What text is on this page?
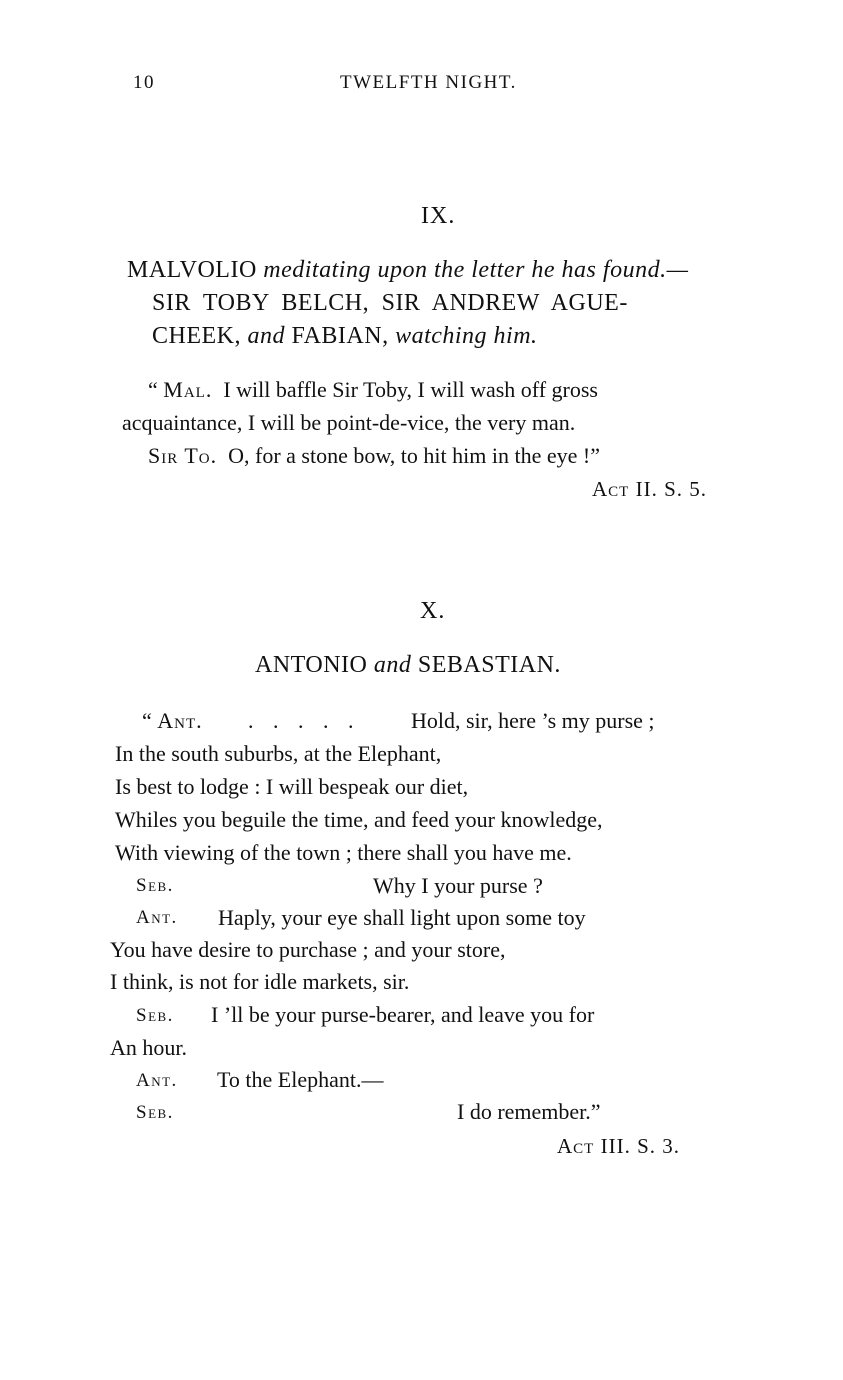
10	TWELFTH NIGHT.
IX.
MALVOLIO meditating upon the letter he has found.—
SIR TOBY BELCH, SIR ANDREW AGUE-
CHEEK, and FABIAN, watching him.
“ Mal. I will baffle Sir Toby, I will wash off gross
acquaintance, I will be point-de-vice, the very man.
Sir To. O, for a stone bow, to hit him in the eye !”
Act II. S. 5.
X.
ANTONIO and SEBASTIAN.
“ Ant. . . . . . Hold, sir, here ’s my purse ;
In the south suburbs, at the Elephant,
Is best to lodge : I will bespeak our diet,
Whiles you beguile the time, and feed your knowledge,
With viewing of the town ; there shall you have me.
Seb.	Why I your purse ?
Ant. Haply, your eye shall light upon some toy
You have desire to purchase ; and your store,
I think, is not for idle markets, sir.
Seb. I ’ll be your purse-bearer, and leave you for
An hour.
Ant. To the Elephant.—
Seb.	I do remember.”
Act III. S. 3.
